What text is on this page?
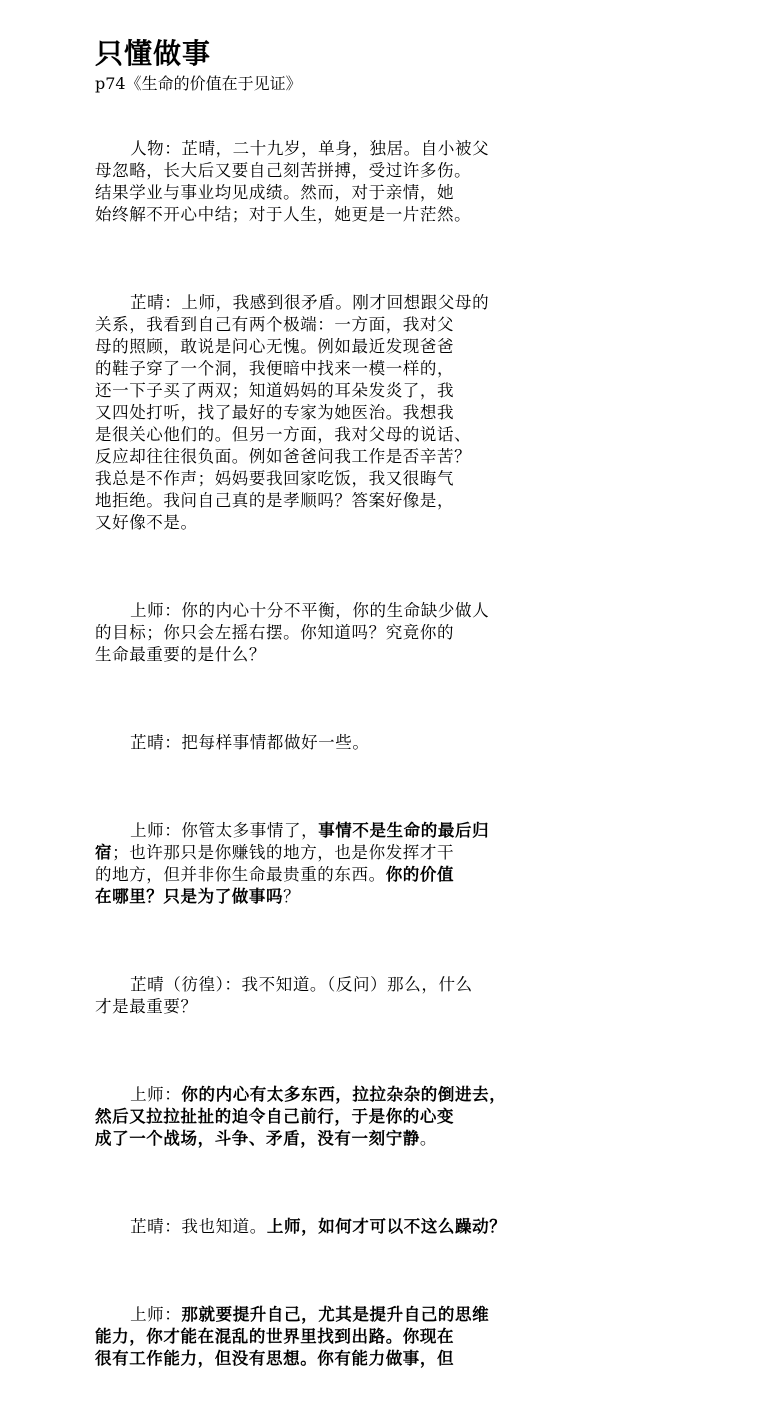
只懂做事
p74《生命的价值在于见证》

人物：芷晴，二十九岁，单身，独居。自小被父
母忽略，长大后又要自己刻苦拼搏，受过许多伤。
结果学业与事业均见成绩。然而，对于亲情，她
始终解不开心中结；对于人生，她更是一片茫然。

芷晴：上师，我感到很矛盾。刚才回想跟父母的
关系，我看到自己有两个极端：一方面，我对父
母的照顾，敢说是问心无愧。例如最近发现爸爸
的鞋子穿了一个洞，我便暗中找来一模一样的，
还一下子买了两双；知道妈妈的耳朵发炎了，我
又四处打听，找了最好的专家为她医治。我想我
是很关心他们的。但另一方面，我对父母的说话、
反应却往往很负面。例如爸爸问我工作是否辛苦？
我总是不作声；妈妈要我回家吃饭，我又很晦气
地拒绝。我问自己真的是孝顺吗？答案好像是，
又好像不是。

上师：你的内心十分不平衡，你的生命缺少做人
的目标；你只会左摇右摆。你知道吗？究竟你的
生命最重要的是什么？

芷晴：把每样事情都做好一些。

上师：你管太多事情了，事情不是生命的最后归
宿；也许那只是你赚钱的地方，也是你发挥才干
的地方，但并非你生命最贵重的东西。你的价值
在哪里？只是为了做事吗？

芷晴（彷徨）：我不知道。（反问）那么，什么
才是最重要？

上师：你的内心有太多东西，拉拉杂杂的倒进去，
然后又拉拉扯扯的迫令自己前行，于是你的心变
成了一个战场，斗争、矛盾，没有一刻宁静。

芷晴：我也知道。上师，如何才可以不这么躁动？

上师：那就要提升自己，尤其是提升自己的思维
能力，你才能在混乱的世界里找到出路。你现在
很有工作能力，但没有思想。你有能力做事，但
